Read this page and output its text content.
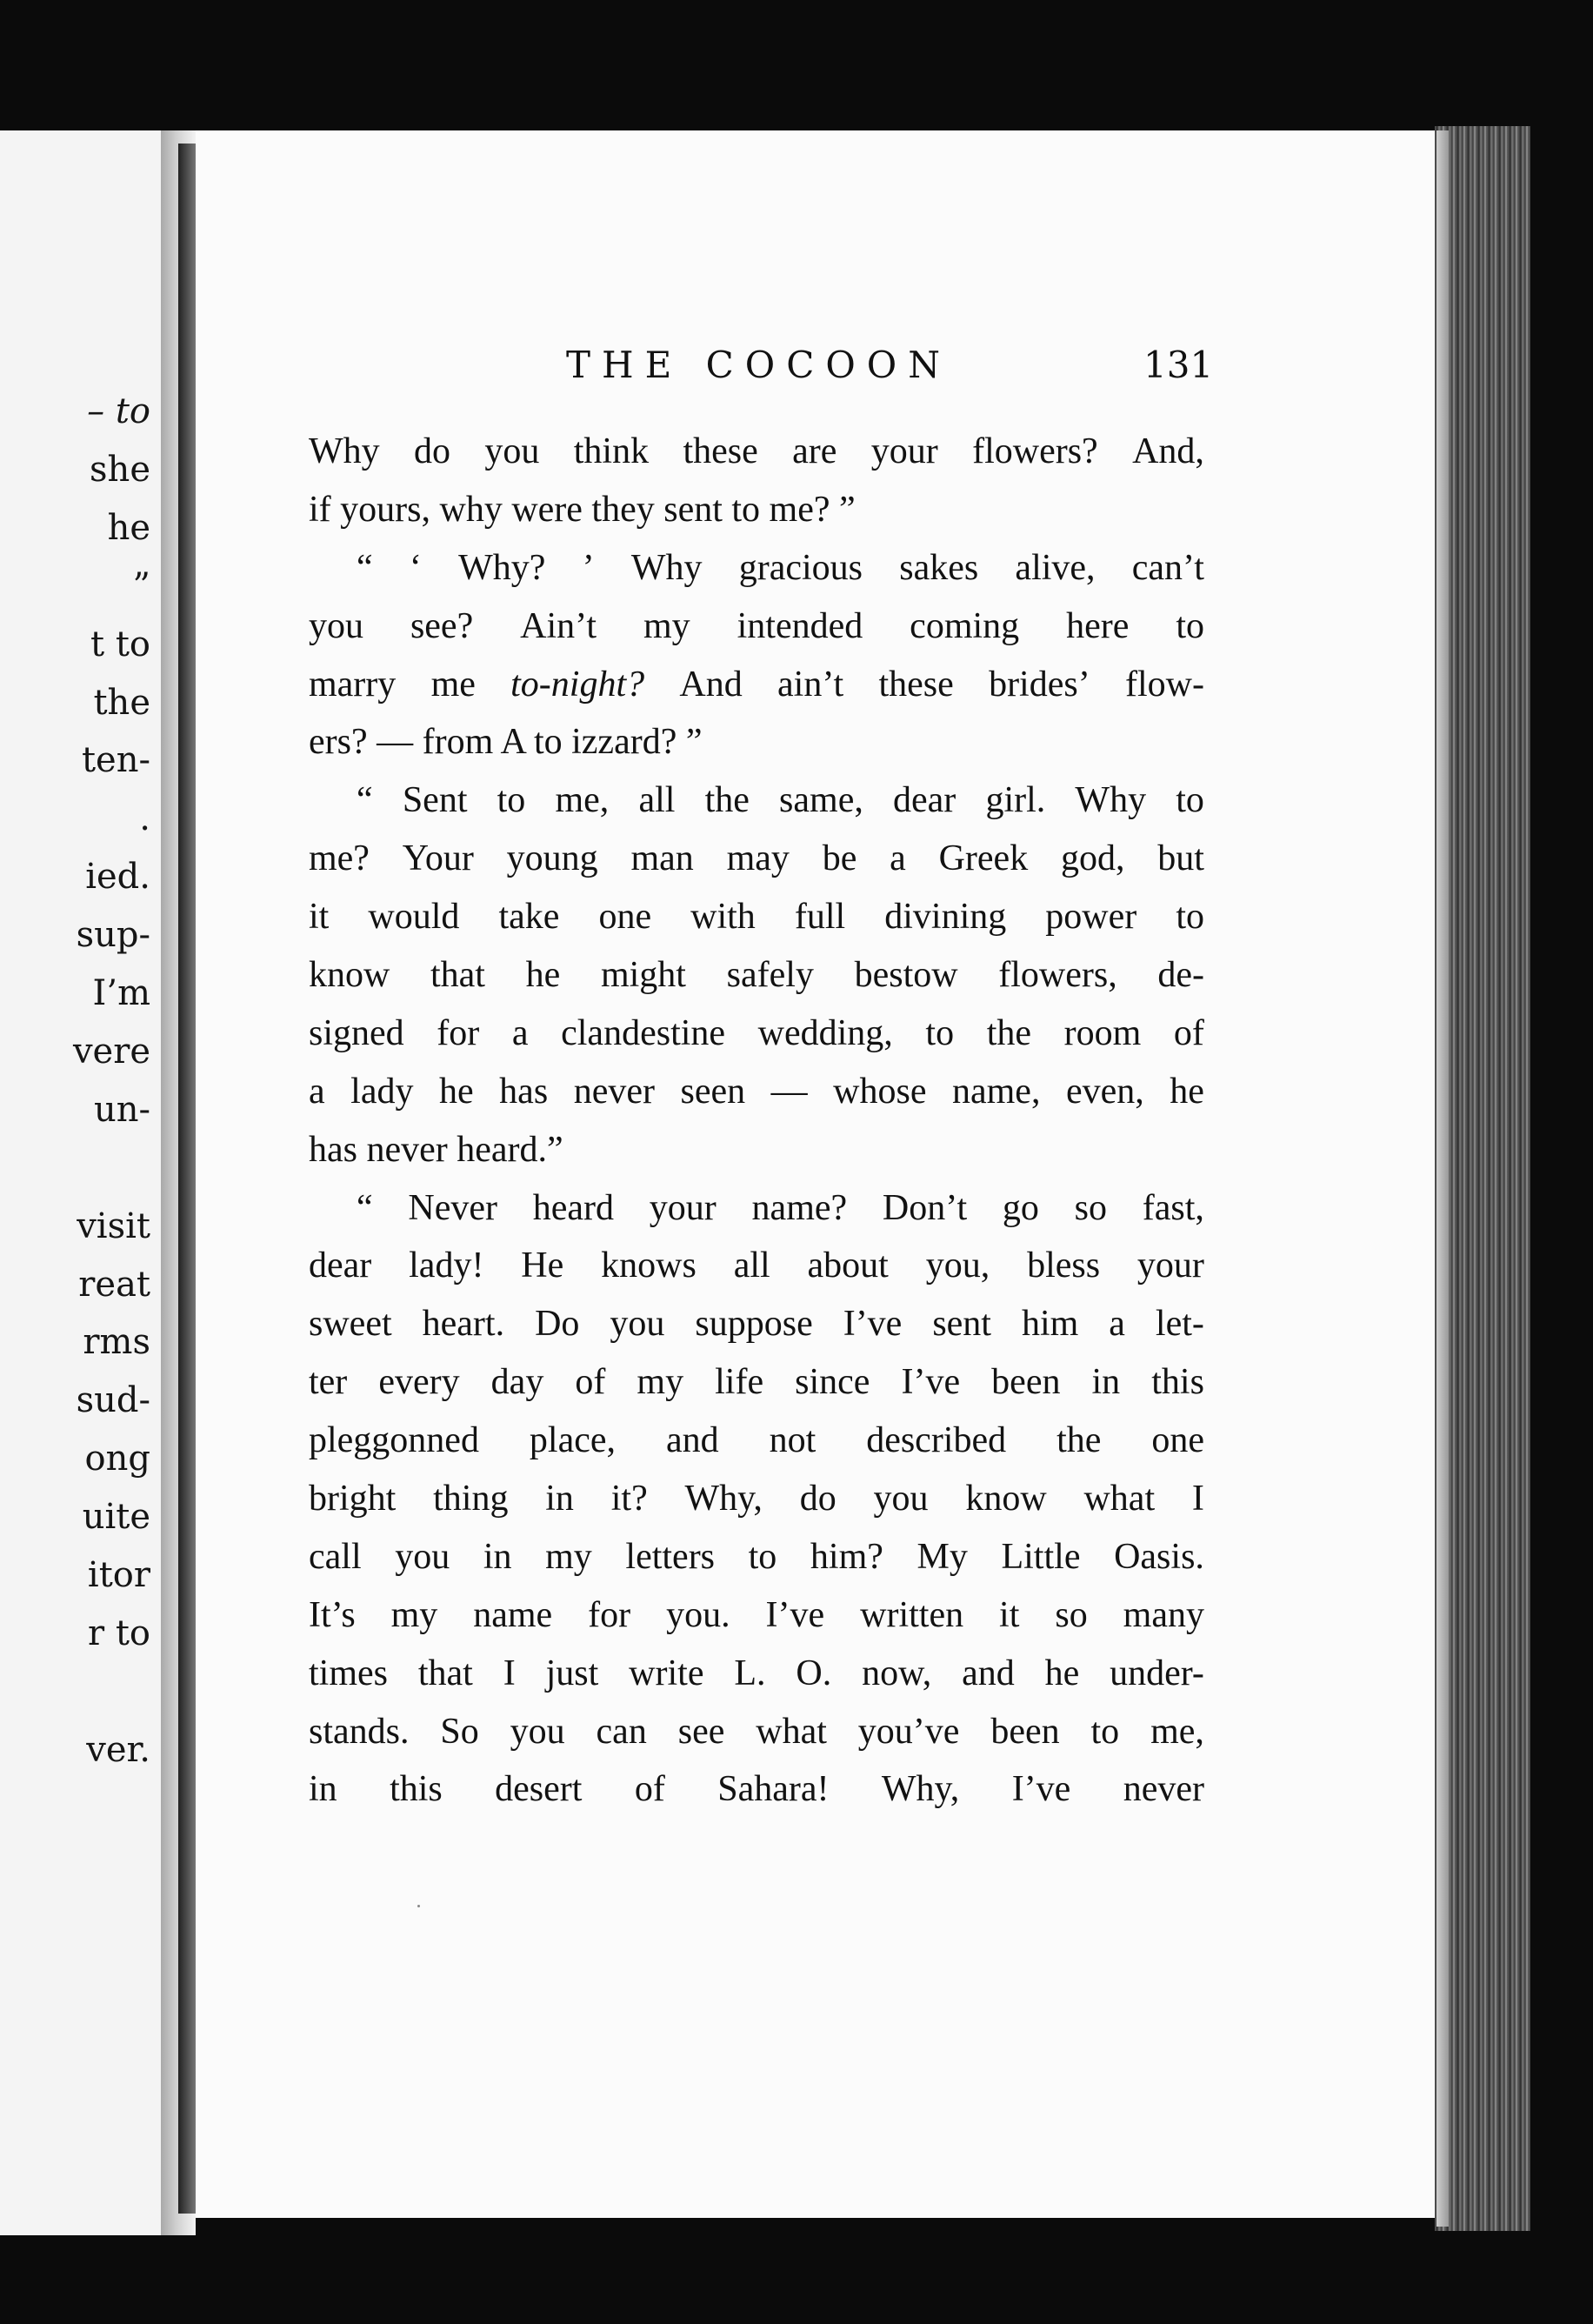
– to
she
he
”
t to
the
ten-
.
ied.
sup-
I’m
vere
un-
visit
reat
rms
sud-
ong
uite
itor
r to
ver.
THE COCOON	131
Why do you think these are your flowers? And,
if yours, why were they sent to me? ”
“ ‘ Why? ’ Why gracious sakes alive, can’t
you see? Ain’t my intended coming here to
marry me to-night? And ain’t these brides’ flow-
ers? — from A to izzard? ”
“ Sent to me, all the same, dear girl. Why to
me? Your young man may be a Greek god, but
it would take one with full divining power to
know that he might safely bestow flowers, de-
signed for a clandestine wedding, to the room of
a lady he has never seen — whose name, even, he
has never heard.”
“ Never heard your name? Don’t go so fast,
dear lady! He knows all about you, bless your
sweet heart. Do you suppose I’ve sent him a let-
ter every day of my life since I’ve been in this
pleggonned place, and not described the one
bright thing in it? Why, do you know what I
call you in my letters to him? My Little Oasis.
It’s my name for you. I’ve written it so many
times that I just write L. O. now, and he under-
stands. So you can see what you’ve been to me,
in this desert of Sahara! Why, I’ve never
